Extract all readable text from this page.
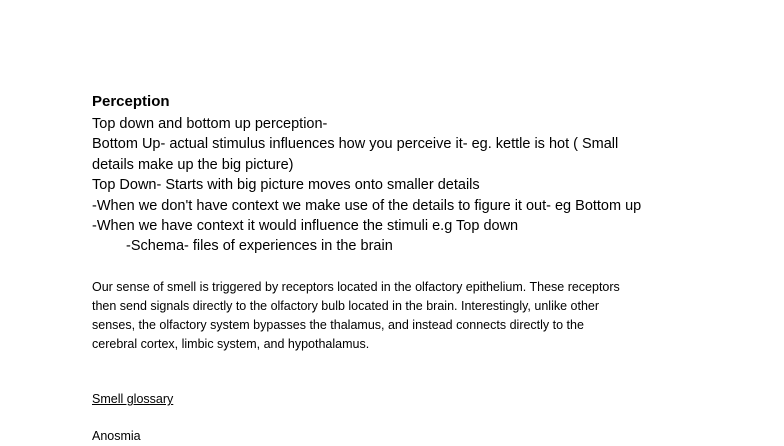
Perception
Top down and bottom up perception-
Bottom Up- actual stimulus influences how you perceive it- eg. kettle is hot ( Small
details make up the big picture)
Top Down- Starts with big picture moves onto smaller details
-When we don't have context we make use of the details to figure it out- eg Bottom up
-When we have context it would influence the stimuli e.g Top down
-Schema- files of experiences in the brain
Our sense of smell is triggered by receptors located in the olfactory epithelium. These receptors
then send signals directly to the olfactory bulb located in the brain. Interestingly, unlike other
senses, the olfactory system bypasses the thalamus, and instead connects directly to the
cerebral cortex, limbic system, and hypothalamus.
Smell glossary
Anosmia
